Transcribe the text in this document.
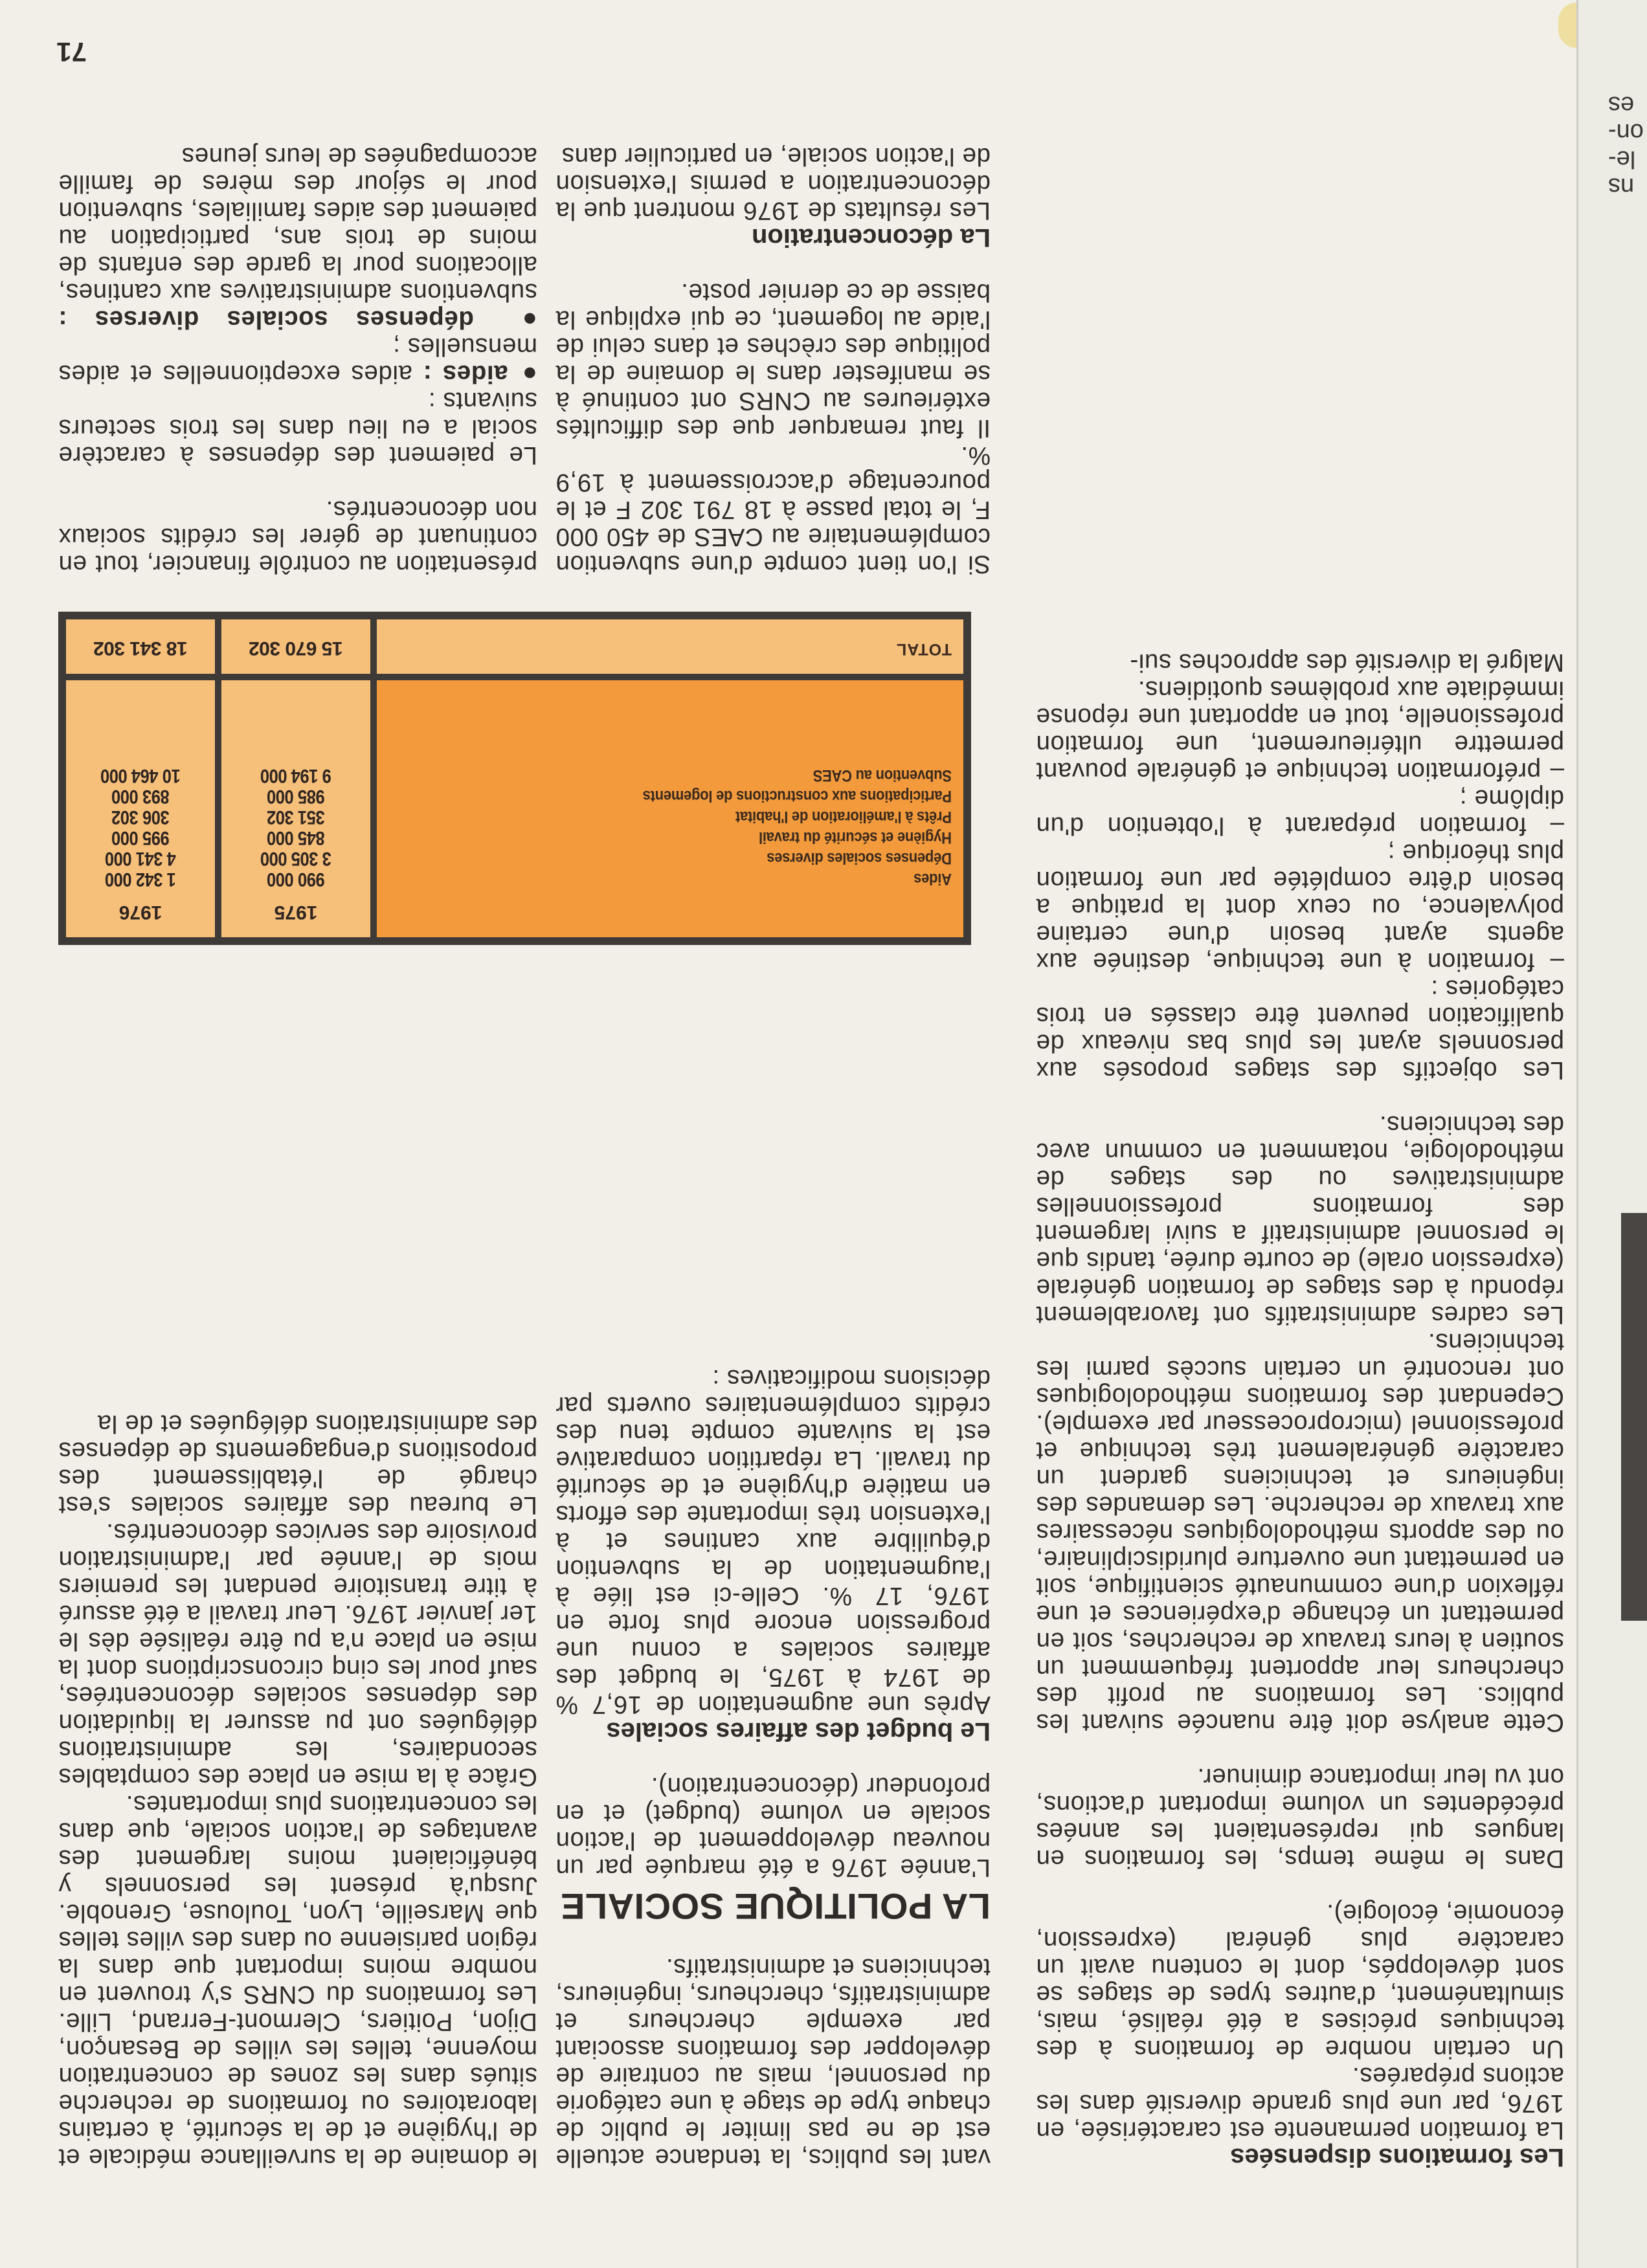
ns
le-
on-
es
Les formations dispensées

La formation permanente est caractérisée, en 1976, par une plus grande diversité dans les actions préparées.

Un certain nombre de formations à des techniques précises a été réalisé, mais, simultanément, d'autres types de stages se sont développés, dont le contenu avait un caractère plus général (expression, économie, écologie).

Dans le même temps, les formations en langues qui représentaient les années précédentes un volume important d'actions, ont vu leur importance diminuer.

Cette analyse doit être nuancée suivant les publics. Les formations au profit des chercheurs leur apportent fréquemment un soutien à leurs travaux de recherches, soit en permettant un échange d'expériences et une réflexion d'une communauté scientifique, soit en permettant une ouverture pluridisciplinaire, ou des apports méthodologiques nécessaires aux travaux de recherche. Les demandes des ingénieurs et techniciens gardent un caractère généralement très technique et professionnel (microprocesseur par exemple). Cependant des formations méthodologiques ont rencontré un certain succès parmi les techniciens.

Les cadres administratifs ont favorablement répondu à des stages de formation générale (expression orale) de courte durée, tandis que le personnel administratif a suivi largement des formations professionnelles administratives ou des stages de méthodologie, notamment en commun avec des techniciens.

Les objectifs des stages proposés aux personnels ayant les plus bas niveaux de qualification peuvent être classés en trois catégories :

– formation à une technique, destinée aux agents ayant besoin d'une certaine polyvalence, ou ceux dont la pratique a besoin d'être complétée par une formation plus théorique ;

– formation préparant à l'obtention d'un diplôme ;

– préformation technique et générale pouvant permettre ultérieurement, une formation professionelle, tout en apportant une réponse immédiate aux problèmes quotidiens.

Malgré la diversité des approches sui-

vant les publics, la tendance actuelle est de ne pas limiter le public de chaque type de stage à une catégorie du personnel, mais au contraire de développer des formations associant par exemple chercheurs et administratifs, chercheurs, ingénieurs, techniciens et administratifs.

LA POLITIQUE SOCIALE

L'année 1976 a été marquée par un nouveau développement de l'action sociale en volume (budget) et en profondeur (déconcentration).

Le budget des affaires sociales

Après une augmentation de 16,7 % de 1974 à 1975, le budget des affaires sociales a connu une progression encore plus forte en 1976, 17 %. Celle-ci est liée à l'augmentation de la subvention d'équilibre aux cantines et à l'extension très importante des efforts en matière d'hygiène et de sécurité du travail. La répartition comparative est la suivante compte tenu des crédits complémentaires ouverts par décisions modificatives :

le domaine de la surveillance médicale et de l'hygiène et de la sécurité, à certains laboratoires ou formations de recherche situés dans les zones de concentration moyenne, telles les villes de Besançon, Dijon, Poitiers, Clermont-Ferrand, Lille. Les formations du CNRS s'y trouvent en nombre moins important que dans la région parisienne ou dans des villes telles que Marseille, Lyon, Toulouse, Grenoble. Jusqu'à présent les personnels y bénéficiaient moins largement des avantages de l'action sociale, que dans les concentrations plus importantes.

Grâce à la mise en place des comptables secondaires, les administrations déléguées ont pu assurer la liquidation des dépenses sociales déconcentrées, sauf pour les cinq circonscriptions dont la mise en place n'a pu être réalisée dès le 1er janvier 1976. Leur travail a été assuré à titre transitoire pendant les premiers mois de l'année par l'administration provisoire des services déconcentrés.

Le bureau des affaires sociales s'est chargé de l'établissement des propositions d'engagements de dépenses des administrations déléguées et de la

Aides
Dépenses sociales diverses
Hygiène et sécurité du travail
Prêts à l'amélioration de l'habitat
Participations aux constructions de logements
Subvention au CAES
1975
990 000
3 305 000
845 000
351 302
985 000
9 194 000
1976
1 342 000
4 341 000
995 000
306 302
893 000
10 464 000
TOTAL
15 670 302
18 341 302

Si l'on tient compte d'une subvention complémentaire au CAES de 450 000 F, le total passe à 18 791 302 F et le pourcentage d'accroissement à 19,9 %.

Il faut remarquer que des difficultés extérieures au CNRS ont continué à se manifester dans le domaine de la politique des crèches et dans celui de l'aide au logement, ce qui explique la baisse de ce dernier poste.

La déconcentration

Les résultats de 1976 montrent que la déconcentration a permis l'extension de l'action sociale, en particulier dans

présentation au contrôle financier, tout en continuant de gérer les crédits sociaux non déconcentrés.

Le paiement des dépenses à caractère social a eu lieu dans les trois secteurs suivants :

● aides : aides exceptionnelles et aides mensuelles ;

● dépenses sociales diverses : subventions administratives aux cantines, allocations pour la garde des enfants de moins de trois ans, participation au paiement des aides familiales, subvention pour le séjour des mères de famille accompagnées de leurs jeunes

71
